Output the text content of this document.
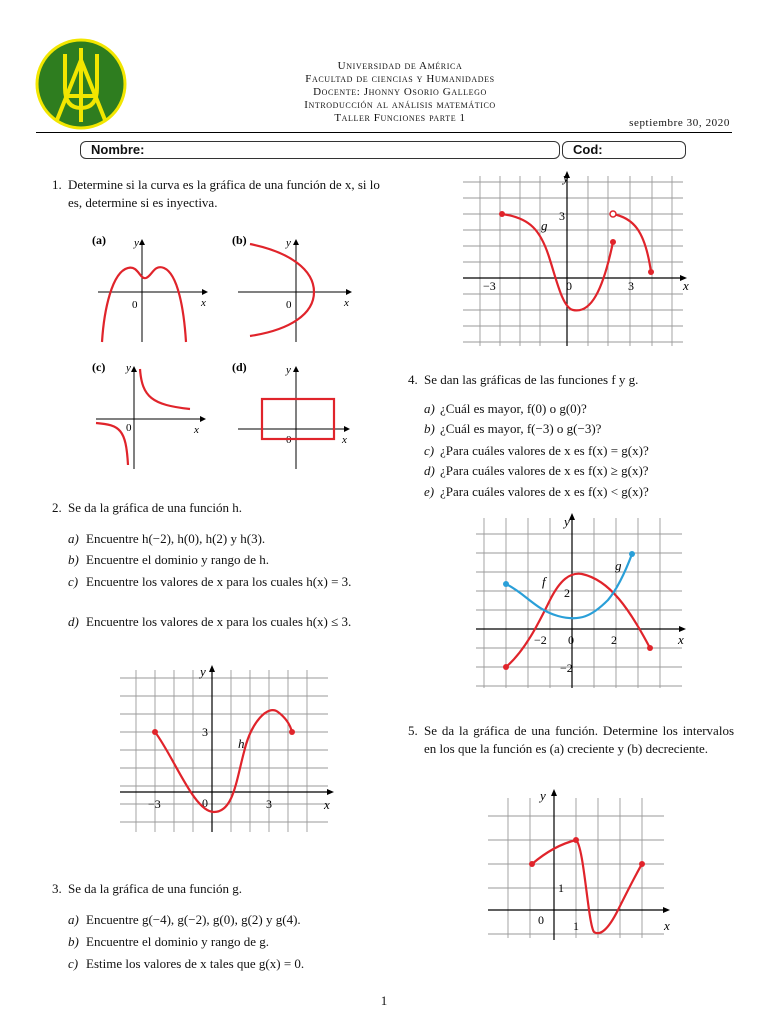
Universidad de América
Facultad de ciencias y Humanidades
Docente: Jhonny Osorio Gallego
Introducción al análisis matemático
Taller Funciones parte 1	septiembre 30, 2020
Nombre:	Cod:
1. Determine si la curva es la gráfica de una función de x, si lo es, determine si es inyectiva.
(a)	y
x
0
(b)	y
x
0
(c) y
x
0
(d)	y
x
0
2. Se da la gráfica de una función h.
a) Encuentre h(−2), h(0), h(2) y h(3).
b) Encuentre el dominio y rango de h.
c) Encuentre los valores de x para los cuales h(x) = 3.
d) Encuentre los valores de x para los cuales h(x) ≤ 3.
y
x
3
−3	0	3
h
3. Se da la gráfica de una función g.
a) Encuentre g(−4), g(−2), g(0), g(2) y g(4).
b) Encuentre el dominio y rango de g.
c) Estime los valores de x tales que g(x) = 0.
y
x
3
−3	0	3
g
4. Se dan las gráficas de las funciones f y g.
a) ¿Cuál es mayor, f(0) o g(0)?
b) ¿Cuál es mayor, f(−3) o g(−3)?
c) ¿Para cuáles valores de x es f(x) = g(x)?
d) ¿Para cuáles valores de x es f(x) ≥ g(x)?
e) ¿Para cuáles valores de x es f(x) < g(x)?
y
x
2
−2
−2 0	2
f
g
5. Se da la gráfica de una función. Determine los intervalos en los que la función es (a) creciente y (b) decreciente.
y
x
1
1
0
1
